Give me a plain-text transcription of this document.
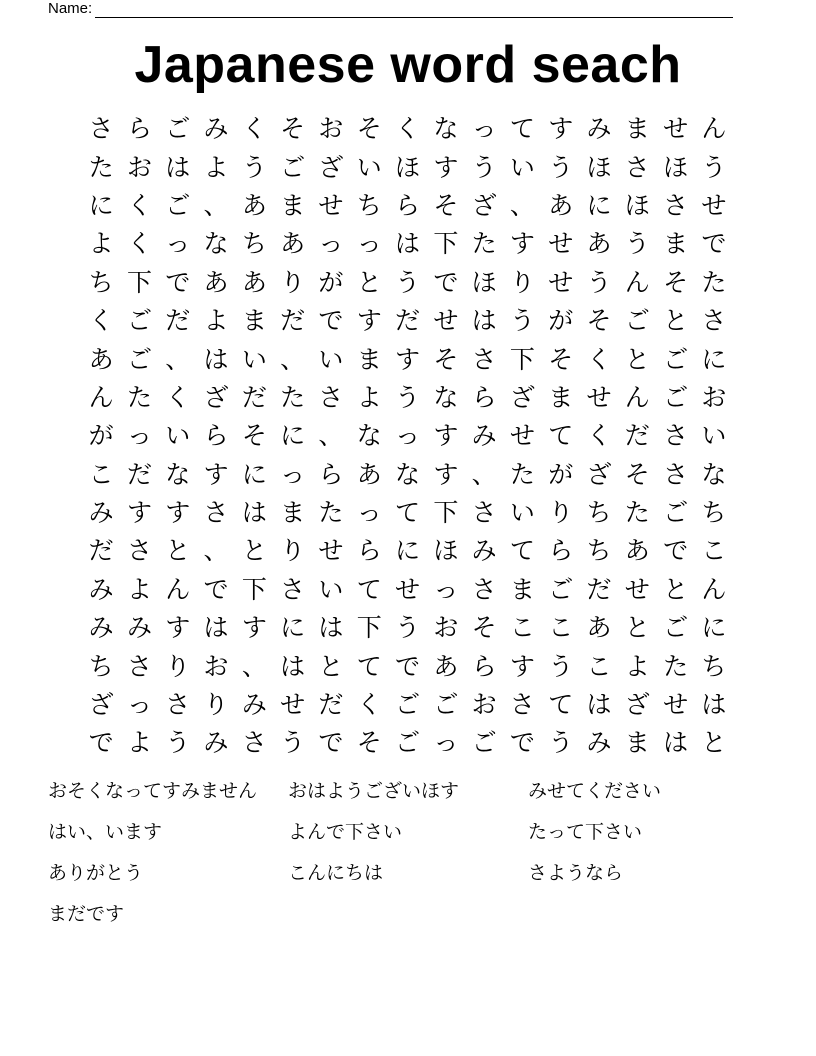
Name:
Japanese word seach
さ ら ご み く そ お そ く な っ て す み ま せ ん
た お は よ う ご ざ い ほ す う い う ほ さ ほ う
に く ご 、 あ ま せ ち ら そ ざ 、 あ に ほ さ せ
よ く っ な ち あ っ っ は 下 た す せ あ う ま で
ち 下 で あ あ り が と う で ほ り せ う ん そ た
く ご だ よ ま だ で す だ せ は う が そ ご と さ
あ ご 、 は い 、 い ま す そ さ 下 そ く と ご に
ん た く ざ だ た さ よ う な ら ざ ま せ ん ご お
が っ い ら そ に 、 な っ す み せ て く だ さ い
こ だ な す に っ ら あ な す 、 た が ざ そ さ な
み す す さ は ま た っ て 下 さ い り ち た ご ち
だ さ と 、 と り せ ら に ほ み て ら ち あ で こ
み よ ん で 下 さ い て せ っ さ ま ご だ せ と ん
み み す は す に は 下 う お そ こ こ あ と ご に
ち さ り お 、 は と て で あ ら す う こ よ た ち
ざ っ さ り み せ だ く ご ご お さ て は ざ せ は
で よ う み さ う で そ ご っ ご で う み ま は と
おそくなってすみません	おはようございほす	みせてください
はい、います	よんで下さい	たって下さい
ありがとう	こんにちは	さようなら
まだです
